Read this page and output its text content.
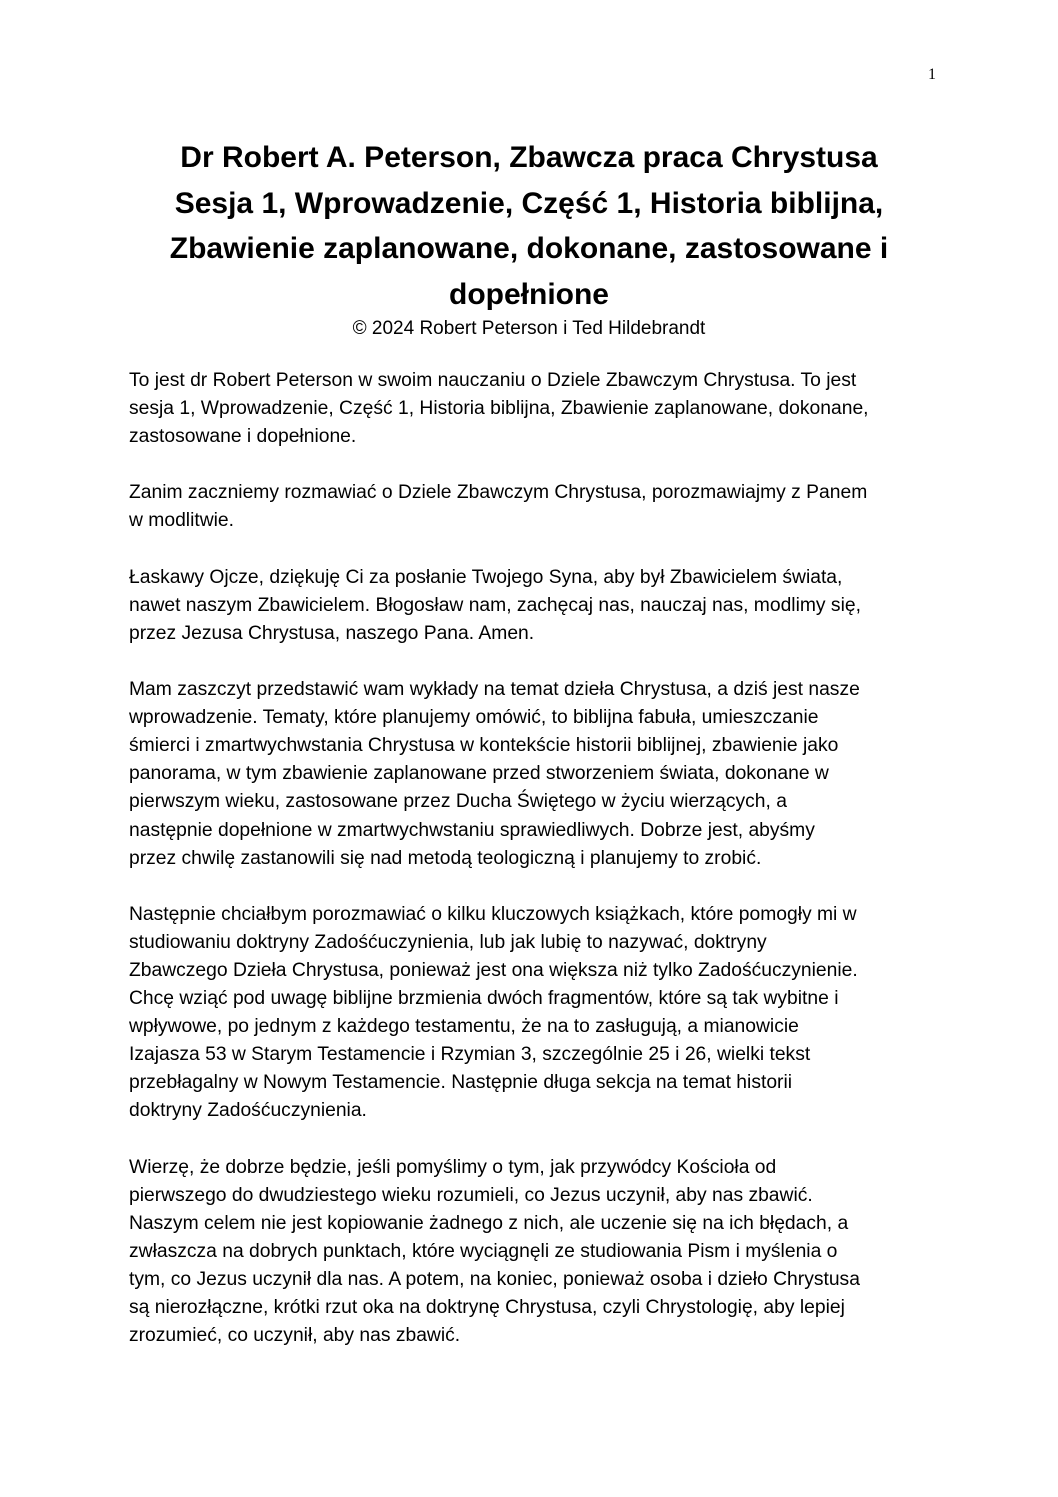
1
Dr Robert A. Peterson, Zbawcza praca Chrystusa
Sesja 1, Wprowadzenie, Część 1, Historia biblijna,
Zbawienie zaplanowane, dokonane, zastosowane i
dopełnione
© 2024 Robert Peterson i Ted Hildebrandt

To jest dr Robert Peterson w swoim nauczaniu o Dziele Zbawczym Chrystusa. To jest
sesja 1, Wprowadzenie, Część 1, Historia biblijna, Zbawienie zaplanowane, dokonane,
zastosowane i dopełnione.

Zanim zaczniemy rozmawiać o Dziele Zbawczym Chrystusa, porozmawiajmy z Panem
w modlitwie.

Łaskawy Ojcze, dziękuję Ci za posłanie Twojego Syna, aby był Zbawicielem świata,
nawet naszym Zbawicielem. Błogosław nam, zachęcaj nas, nauczaj nas, modlimy się,
przez Jezusa Chrystusa, naszego Pana. Amen.

Mam zaszczyt przedstawić wam wykłady na temat dzieła Chrystusa, a dziś jest nasze
wprowadzenie. Tematy, które planujemy omówić, to biblijna fabuła, umieszczanie
śmierci i zmartwychwstania Chrystusa w kontekście historii biblijnej, zbawienie jako
panorama, w tym zbawienie zaplanowane przed stworzeniem świata, dokonane w
pierwszym wieku, zastosowane przez Ducha Świętego w życiu wierzących, a
następnie dopełnione w zmartwychwstaniu sprawiedliwych. Dobrze jest, abyśmy
przez chwilę zastanowili się nad metodą teologiczną i planujemy to zrobić.

Następnie chciałbym porozmawiać o kilku kluczowych książkach, które pomogły mi w
studiowaniu doktryny Zadośćuczynienia, lub jak lubię to nazywać, doktryny
Zbawczego Dzieła Chrystusa, ponieważ jest ona większa niż tylko Zadośćuczynienie.
Chcę wziąć pod uwagę biblijne brzmienia dwóch fragmentów, które są tak wybitne i
wpływowe, po jednym z każdego testamentu, że na to zasługują, a mianowicie
Izajasza 53 w Starym Testamencie i Rzymian 3, szczególnie 25 i 26, wielki tekst
przebłagalny w Nowym Testamencie. Następnie długa sekcja na temat historii
doktryny Zadośćuczynienia.

Wierzę, że dobrze będzie, jeśli pomyślimy o tym, jak przywódcy Kościoła od
pierwszego do dwudziestego wieku rozumieli, co Jezus uczynił, aby nas zbawić.
Naszym celem nie jest kopiowanie żadnego z nich, ale uczenie się na ich błędach, a
zwłaszcza na dobrych punktach, które wyciągnęli ze studiowania Pism i myślenia o
tym, co Jezus uczynił dla nas. A potem, na koniec, ponieważ osoba i dzieło Chrystusa
są nierozłączne, krótki rzut oka na doktrynę Chrystusa, czyli Chrystologię, aby lepiej
zrozumieć, co uczynił, aby nas zbawić.
